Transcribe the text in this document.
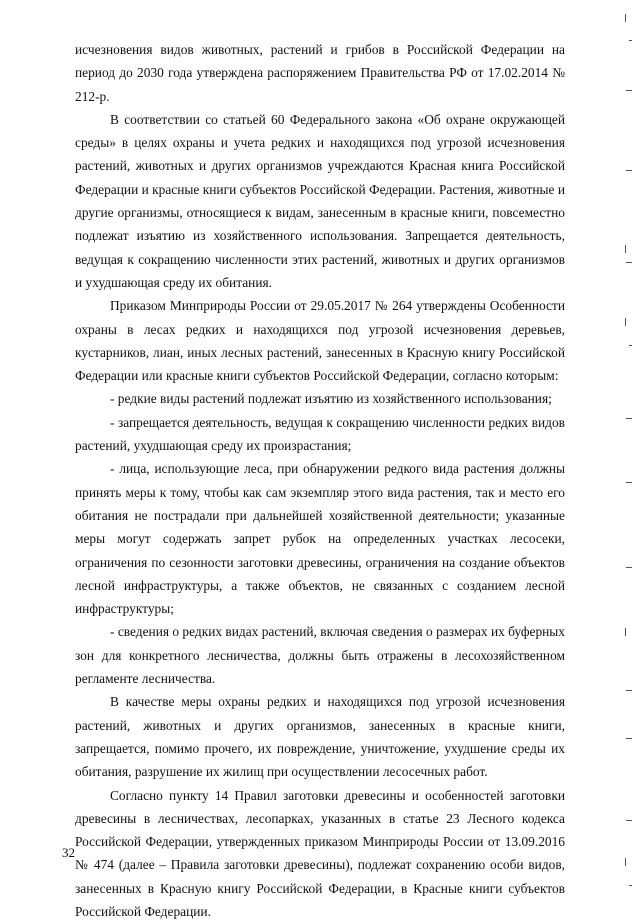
исчезновения видов животных, растений и грибов в Российской Федерации на период до 2030 года утверждена распоряжением Правительства РФ от 17.02.2014 № 212-р.

В соответствии со статьей 60 Федерального закона «Об охране окружающей среды» в целях охраны и учета редких и находящихся под угрозой исчезновения растений, животных и других организмов учреждаются Красная книга Российской Федерации и красные книги субъектов Российской Федерации. Растения, животные и другие организмы, относящиеся к видам, занесенным в красные книги, повсеместно подлежат изъятию из хозяйственного использования. Запрещается деятельность, ведущая к сокращению численности этих растений, животных и других организмов и ухудшающая среду их обитания.

Приказом Минприроды России от 29.05.2017 № 264 утверждены Особенности охраны в лесах редких и находящихся под угрозой исчезновения деревьев, кустарников, лиан, иных лесных растений, занесенных в Красную книгу Российской Федерации или красные книги субъектов Российской Федерации, согласно которым:

- редкие виды растений подлежат изъятию из хозяйственного использования;

- запрещается деятельность, ведущая к сокращению численности редких видов растений, ухудшающая среду их произрастания;

- лица, использующие леса, при обнаружении редкого вида растения должны принять меры к тому, чтобы как сам экземпляр этого вида растения, так и место его обитания не пострадали при дальнейшей хозяйственной деятельности; указанные меры могут содержать запрет рубок на определенных участках лесосеки, ограничения по сезонности заготовки древесины, ограничения на создание объектов лесной инфраструктуры, а также объектов, не связанных с созданием лесной инфраструктуры;

- сведения о редких видах растений, включая сведения о размерах их буферных зон для конкретного лесничества, должны быть отражены в лесохозяйственном регламенте лесничества.

В качестве меры охраны редких и находящихся под угрозой исчезновения растений, животных и других организмов, занесенных в красные книги, запрещается, помимо прочего, их повреждение, уничтожение, ухудшение среды их обитания, разрушение их жилищ при осуществлении лесосечных работ.

Согласно пункту 14 Правил заготовки древесины и особенностей заготовки древесины в лесничествах, лесопарках, указанных в статье 23 Лесного кодекса Российской Федерации, утвержденных приказом Минприроды России от 13.09.2016 № 474 (далее – Правила заготовки древесины), подлежат сохранению особи видов, занесенных в Красную книгу Российской Федерации, в Красные книги субъектов Российской Федерации.

32
